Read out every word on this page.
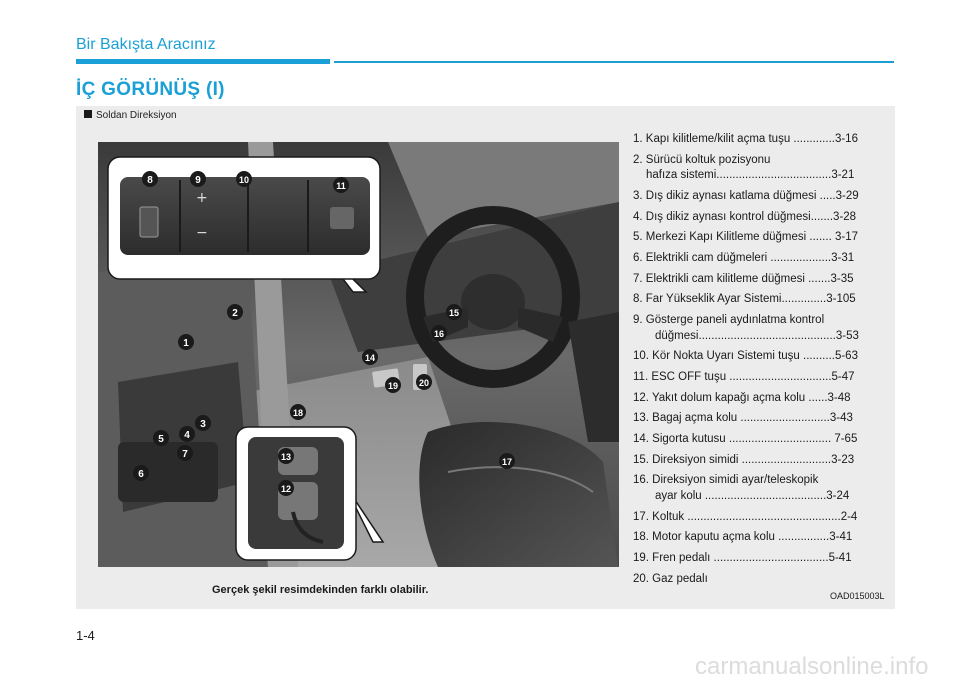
Bir Bakışta Aracınız
İÇ GÖRÜNÜŞ (I)
Soldan Direksiyon
+
−
1
2
3
4
5
6
7
8	9	10
11
12
13
14
15
16
17
18
19 20
1. Kapı kilitleme/kilit açma tuşu .............3-16
2. Sürücü koltuk pozisyonu
hafıza sistemi....................................3-21
3. Dış dikiz aynası katlama düğmesi .....3-29
4. Dış dikiz aynası kontrol düğmesi.......3-28
5. Merkezi Kapı Kilitleme düğmesi ....... 3-17
6. Elektrikli cam düğmeleri ...................3-31
7. Elektrikli cam kilitleme düğmesi .......3-35
8. Far Yükseklik Ayar Sistemi..............3-105
9. Gösterge paneli aydınlatma kontrol
düğmesi...........................................3-53
10. Kör Nokta Uyarı Sistemi tuşu ..........5-63
11. ESC OFF tuşu ................................5-47
12. Yakıt dolum kapağı açma kolu ......3-48
13. Bagaj açma kolu ............................3-43
14. Sigorta kutusu ................................ 7-65
15. Direksiyon simidi ............................3-23
16. Direksiyon simidi ayar/teleskopik
ayar kolu ......................................3-24
17. Koltuk ................................................2-4
18. Motor kaputu açma kolu ................3-41
19. Fren pedalı ....................................5-41
20. Gaz pedalı
Gerçek şekil resimdekinden farklı olabilir.	OAD015003L
1-4
carmanualsonline.info
